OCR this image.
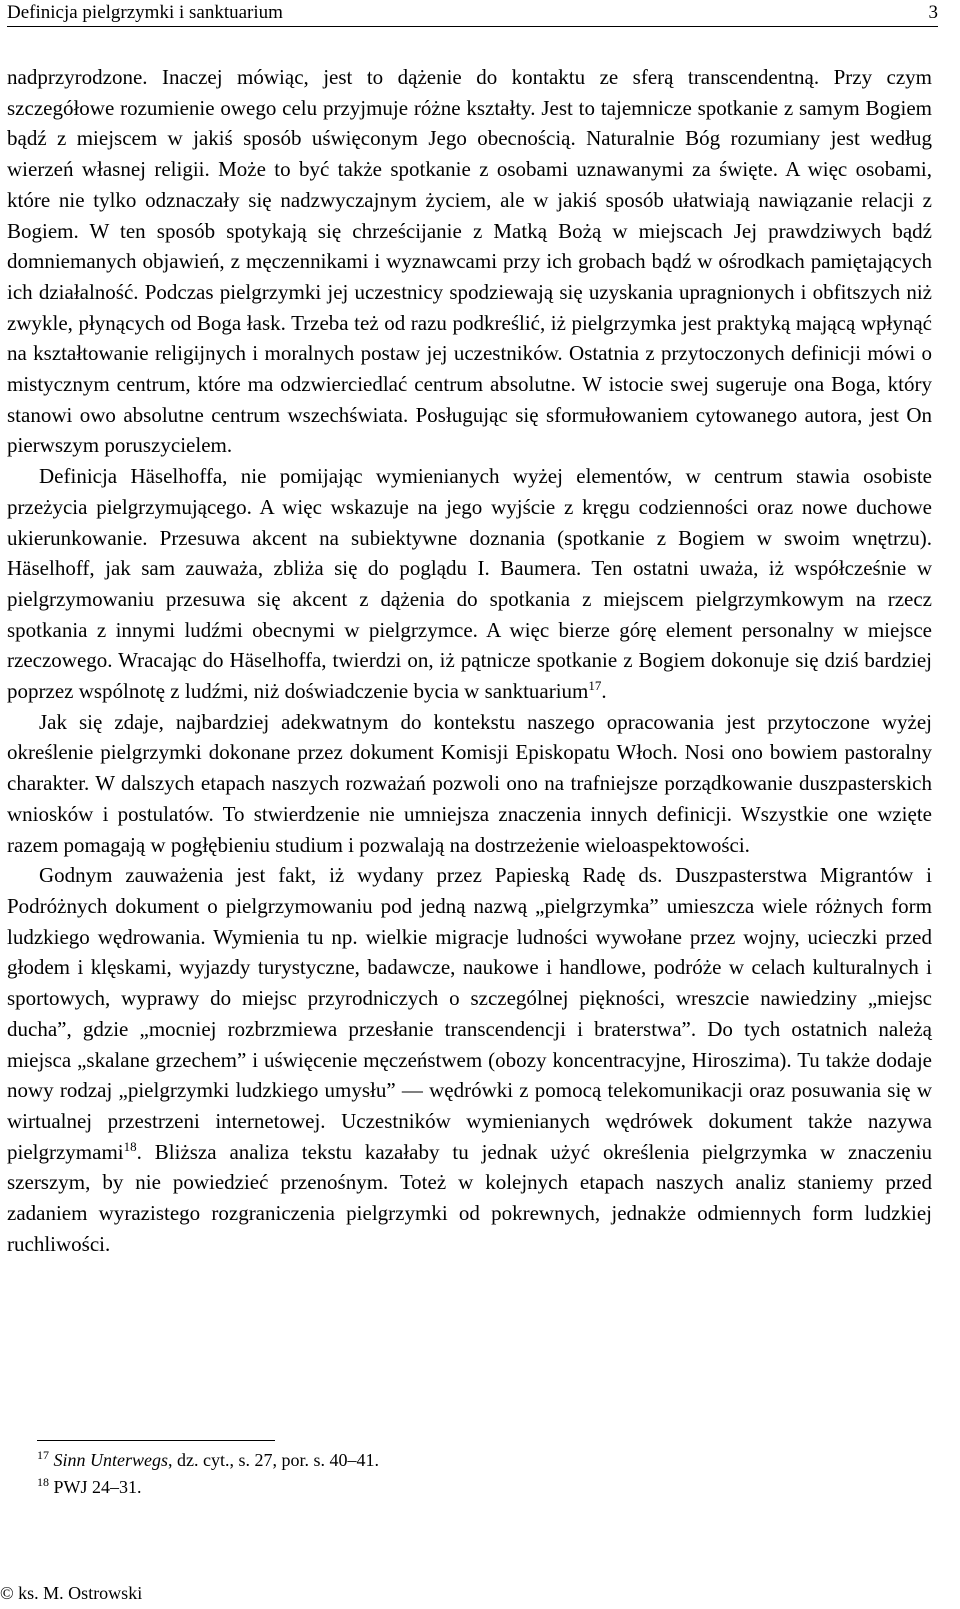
Definicja pielgrzymki i sanktuarium	3

nadprzyrodzone. Inaczej mówiąc, jest to dążenie do kontaktu ze sferą transcendentną. Przy czym szczegółowe rozumienie owego celu przyjmuje różne kształty. Jest to tajemnicze spotkanie z samym Bogiem bądź z miejscem w jakiś sposób uświęconym Jego obecnością. Naturalnie Bóg rozumiany jest według wierzeń własnej religii. Może to być także spotkanie z osobami uznawanymi za święte. A więc osobami, które nie tylko odznaczały się nadzwyczajnym życiem, ale w jakiś sposób ułatwiają nawiązanie relacji z Bogiem. W ten sposób spotykają się chrześcijanie z Matką Bożą w miejscach Jej prawdziwych bądź domniemanych objawień, z męczennikami i wyznawcami przy ich grobach bądź w ośrodkach pamiętających ich działalność. Podczas pielgrzymki jej uczestnicy spodziewają się uzyskania upragnionych i obfitszych niż zwykle, płynących od Boga łask. Trzeba też od razu podkreślić, iż pielgrzymka jest praktyką mającą wpłynąć na kształtowanie religijnych i moralnych postaw jej uczestników. Ostatnia z przytoczonych definicji mówi o mistycznym centrum, które ma odzwierciedlać centrum absolutne. W istocie swej sugeruje ona Boga, który stanowi owo absolutne centrum wszechświata. Posługując się sformułowaniem cytowanego autora, jest On pierwszym poruszycielem.

Definicja Häselhoffa, nie pomijając wymienianych wyżej elementów, w centrum stawia osobiste przeżycia pielgrzymującego. A więc wskazuje na jego wyjście z kręgu codzienności oraz nowe duchowe ukierunkowanie. Przesuwa akcent na subiektywne doznania (spotkanie z Bogiem w swoim wnętrzu). Häselhoff, jak sam zauważa, zbliża się do poglądu I. Baumera. Ten ostatni uważa, iż współcześnie w pielgrzymowaniu przesuwa się akcent z dążenia do spotkania z miejscem pielgrzymkowym na rzecz spotkania z innymi ludźmi obecnymi w pielgrzymce. A więc bierze górę element personalny w miejsce rzeczowego. Wracając do Häselhoffa, twierdzi on, iż pątnicze spotkanie z Bogiem dokonuje się dziś bardziej poprzez wspólnotę z ludźmi, niż doświadczenie bycia w sanktuarium$^{17}$.

Jak się zdaje, najbardziej adekwatnym do kontekstu naszego opracowania jest przytoczone wyżej określenie pielgrzymki dokonane przez dokument Komisji Episkopatu Włoch. Nosi ono bowiem pastoralny charakter. W dalszych etapach naszych rozważań pozwoli ono na trafniejsze porządkowanie duszpasterskich wniosków i postulatów. To stwierdzenie nie umniejsza znaczenia innych definicji. Wszystkie one wzięte razem pomagają w pogłębieniu studium i pozwalają na dostrzeżenie wieloaspektowości.

Godnym zauważenia jest fakt, iż wydany przez Papieską Radę ds. Duszpasterstwa Migrantów i Podróżnych dokument o pielgrzymowaniu pod jedną nazwą „pielgrzymka” umieszcza wiele różnych form ludzkiego wędrowania. Wymienia tu np. wielkie migracje ludności wywołane przez wojny, ucieczki przed głodem i klęskami, wyjazdy turystyczne, badawcze, naukowe i handlowe, podróże w celach kulturalnych i sportowych, wyprawy do miejsc przyrodniczych o szczególnej piękności, wreszcie nawiedziny „miejsc ducha”, gdzie „mocniej rozbrzmiewa przesłanie transcendencji i braterstwa”. Do tych ostatnich należą miejsca „skalane grzechem” i uświęcenie męczeństwem (obozy koncentracyjne, Hiroszima). Tu także dodaje nowy rodzaj „pielgrzymki ludzkiego umysłu” — wędrówki z pomocą telekomunikacji oraz posuwania się w wirtualnej przestrzeni internetowej. Uczestników wymienianych wędrówek dokument także nazywa pielgrzymami$^{18}$. Bliższa analiza tekstu kazałaby tu jednak użyć określenia pielgrzymka w znaczeniu szerszym, by nie powiedzieć przenośnym. Toteż w kolejnych etapach naszych analiz staniemy przed zadaniem wyrazistego rozgraniczenia pielgrzymki od pokrewnych, jednakże odmiennych form ludzkiej ruchliwości.

$^{17}$ Sinn Unterwegs, dz. cyt., s. 27, por. s. 40–41.
$^{18}$ PWJ 24–31.
© ks. M. Ostrowski
